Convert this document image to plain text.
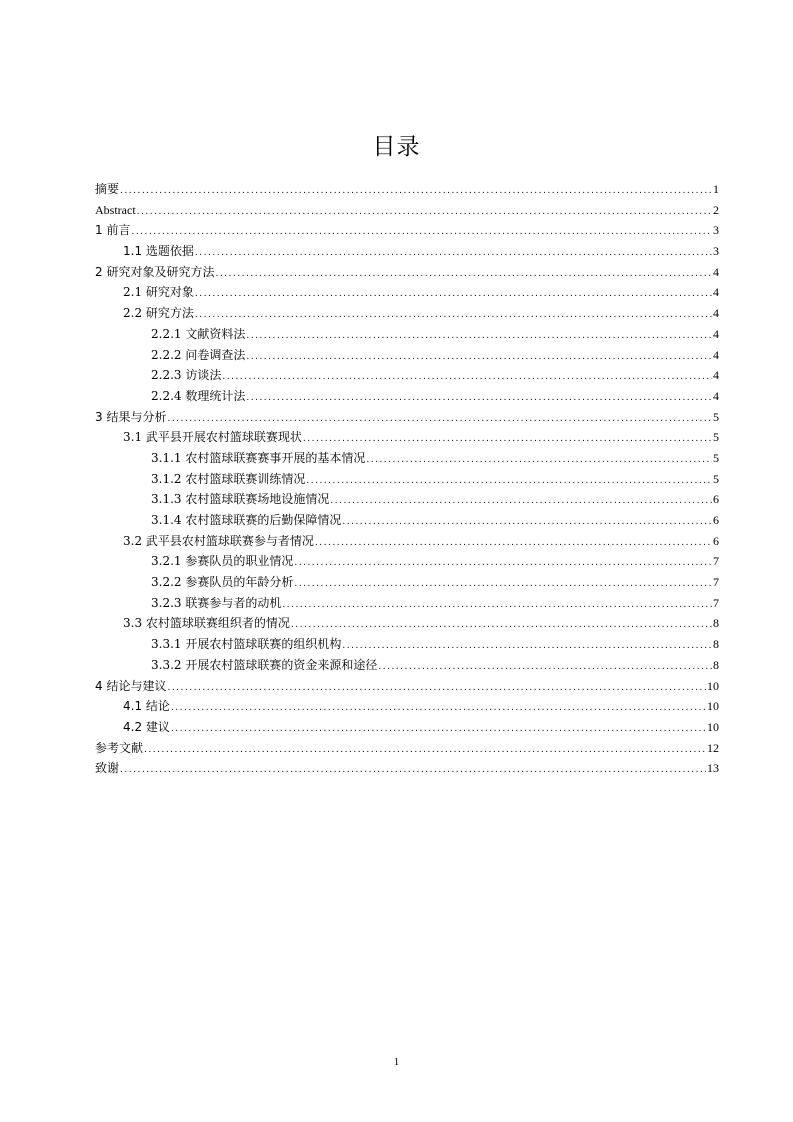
目录
摘要 .....	1
Abstract .....	2
1 前言 .....	3
1.1 选题依据 .....	3
2 研究对象及研究方法 .....	4
2.1 研究对象 .....	4
2.2 研究方法 .....	4
2.2.1 文献资料法 .....	4
2.2.2 问卷调查法 .....	4
2.2.3 访谈法 .....	4
2.2.4 数理统计法 .....	4
3 结果与分析 .....	5
3.1 武平县开展农村篮球联赛现状 .....	5
3.1.1 农村篮球联赛赛事开展的基本情况 .....	5
3.1.2 农村篮球联赛训练情况 .....	5
3.1.3 农村篮球联赛场地设施情况 .....	6
3.1.4 农村篮球联赛的后勤保障情况 .....	6
3.2 武平县农村篮球联赛参与者情况 .....	6
3.2.1 参赛队员的职业情况 .....	7
3.2.2 参赛队员的年龄分析 .....	7
3.2.3 联赛参与者的动机 .....	7
3.3 农村篮球联赛组织者的情况 .....	8
3.3.1 开展农村篮球联赛的组织机构 .....	8
3.3.2 开展农村篮球联赛的资金来源和途径 .....	8
4 结论与建议 .....	10
4.1 结论 .....	10
4.2 建议 .....	10
参考文献 .....	12
致谢 .....	13
1
